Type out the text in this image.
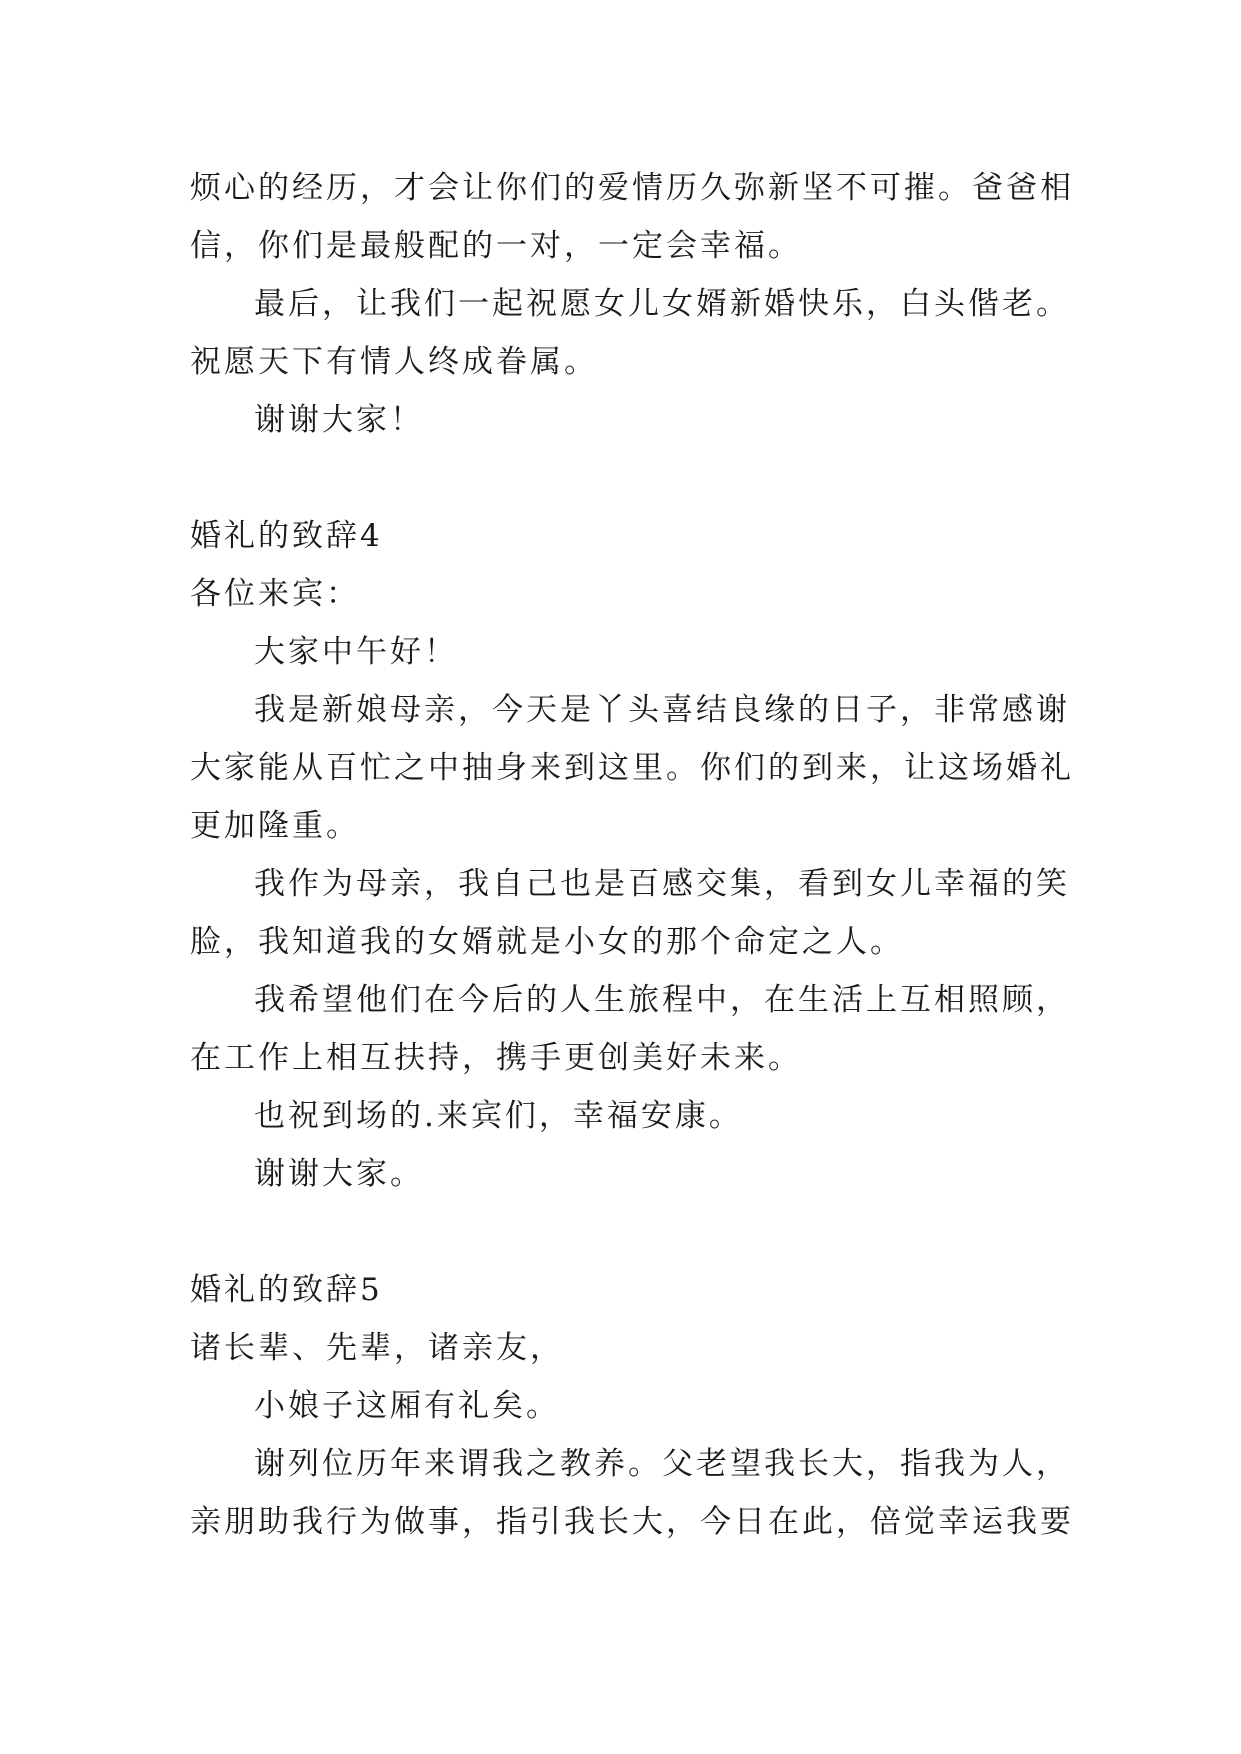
烦心的经历，才会让你们的爱情历久弥新坚不可摧。爸爸相
信，你们是最般配的一对，一定会幸福。
最后，让我们一起祝愿女儿女婿新婚快乐，白头偕老。
祝愿天下有情人终成眷属。
谢谢大家！
婚礼的致辞4
各位来宾：
大家中午好！
我是新娘母亲，今天是丫头喜结良缘的日子，非常感谢
大家能从百忙之中抽身来到这里。你们的到来，让这场婚礼
更加隆重。
我作为母亲，我自己也是百感交集，看到女儿幸福的笑
脸，我知道我的女婿就是小女的那个命定之人。
我希望他们在今后的人生旅程中，在生活上互相照顾，
在工作上相互扶持，携手更创美好未来。
也祝到场的.来宾们，幸福安康。
谢谢大家。
婚礼的致辞5
诸长辈、先辈，诸亲友，
小娘子这厢有礼矣。
谢列位历年来谓我之教养。父老望我长大，指我为人，
亲朋助我行为做事，指引我长大，今日在此，倍觉幸运我要
